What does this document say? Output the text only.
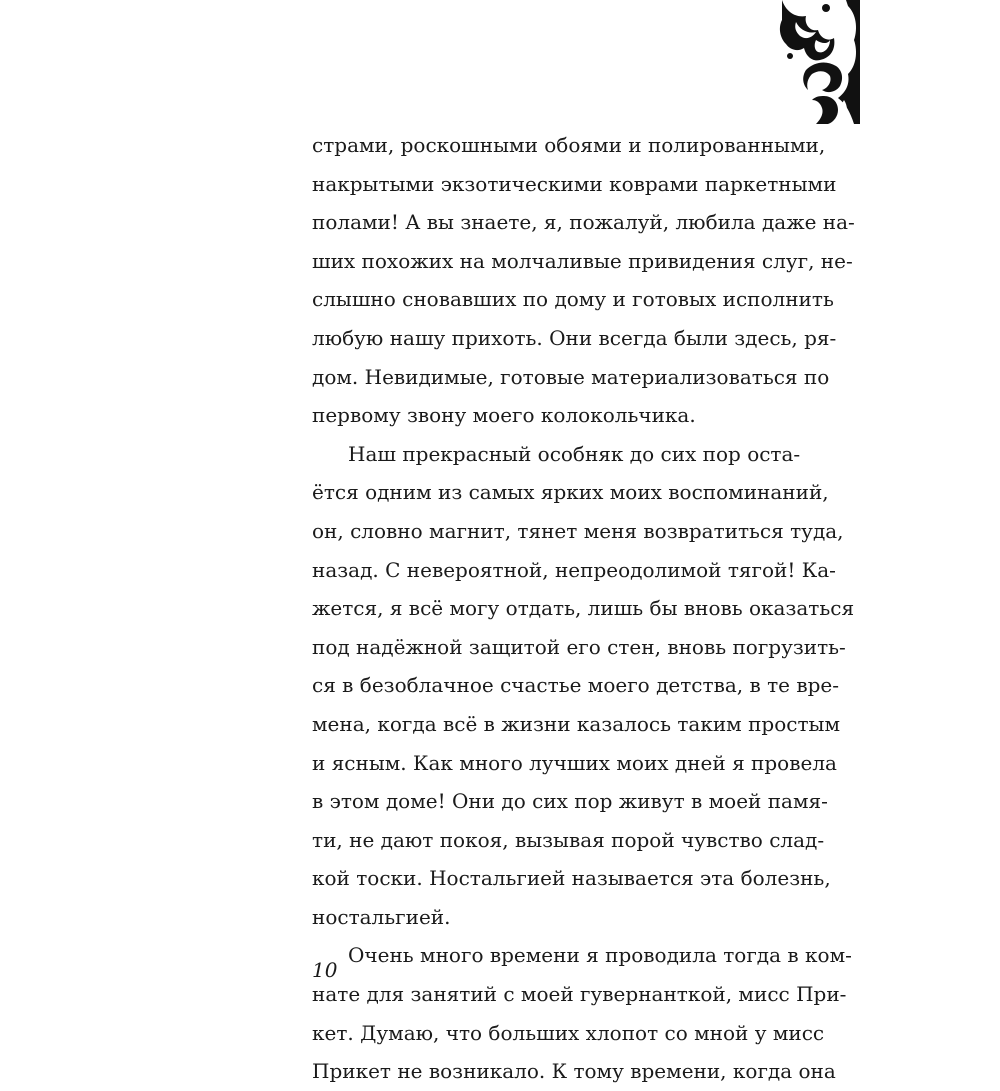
страми, роскошными обоями и полированными,
накрытыми экзотическими коврами паркетными
полами! А вы знаете, я, пожалуй, любила даже на-
ших похожих на молчаливые привидения слуг, не-
слышно сновавших по дому и готовых исполнить
любую нашу прихоть. Они всегда были здесь, ря-
дом. Невидимые, готовые материализоваться по
первому звону моего колокольчика.
Наш прекрасный особняк до сих пор оста-
ётся одним из самых ярких моих воспоминаний,
он, словно магнит, тянет меня возвратиться туда,
назад. С невероятной, непреодолимой тягой! Ка-
жется, я всё могу отдать, лишь бы вновь оказаться
под надёжной защитой его стен, вновь погрузить-
ся в безоблачное счастье моего детства, в те вре-
мена, когда всё в жизни казалось таким простым
и ясным. Как много лучших моих дней я провела
в этом доме! Они до сих пор живут в моей памя-
ти, не дают покоя, вызывая порой чувство слад-
кой тоски. Ностальгией называется эта болезнь,
ностальгией.
Очень много времени я проводила тогда в ком-
нате для занятий с моей гувернанткой, мисс При-
кет. Думаю, что больших хлопот со мной у мисс
Прикет не возникало. К тому времени, когда она
10
